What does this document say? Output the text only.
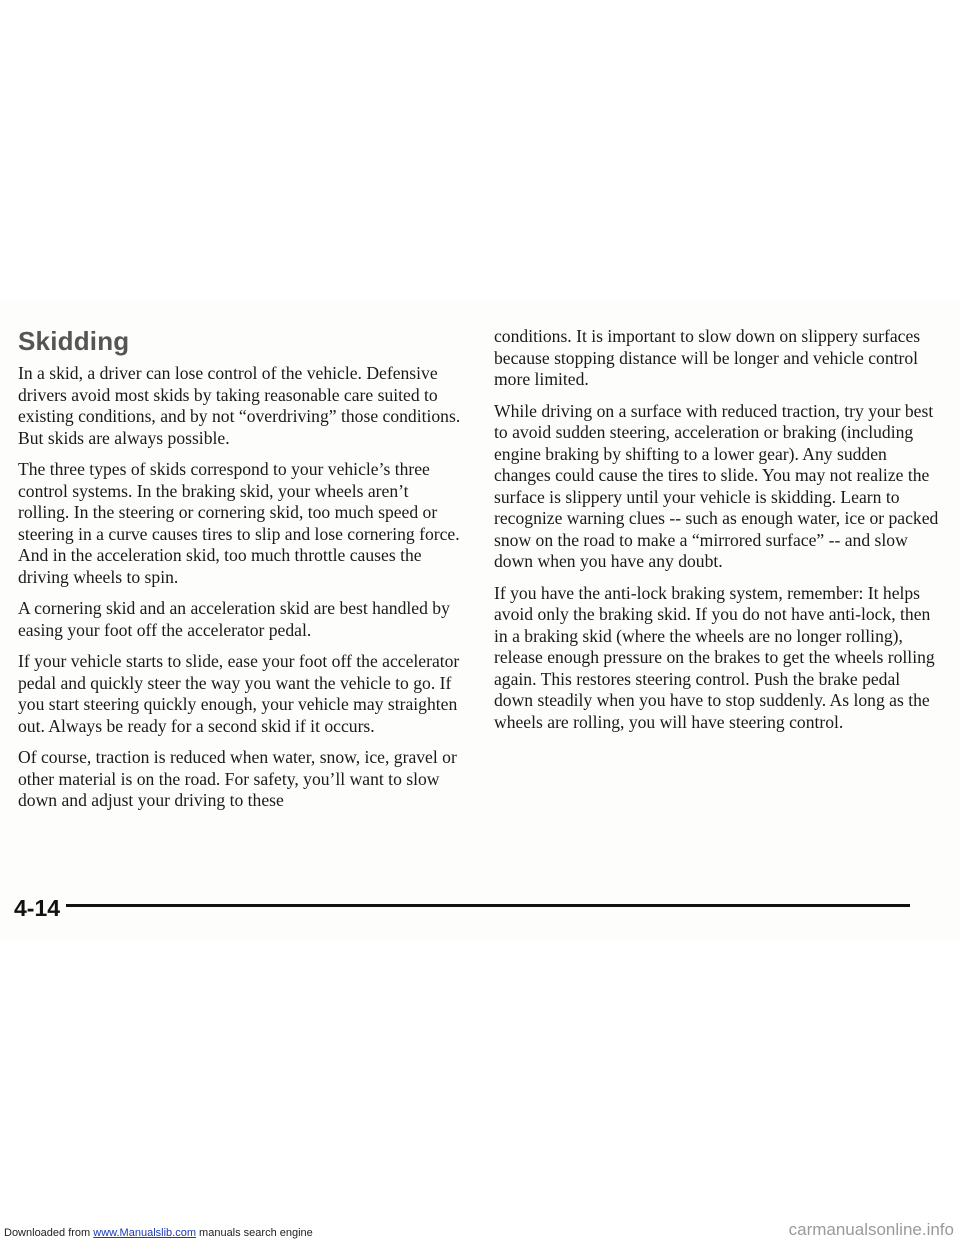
Skidding

In a skid, a driver can lose control of the vehicle. Defensive drivers avoid most skids by taking reasonable care suited to existing conditions, and by not “overdriving” those conditions. But skids are always possible.

The three types of skids correspond to your vehicle’s three control systems. In the braking skid, your wheels aren’t rolling. In the steering or cornering skid, too much speed or steering in a curve causes tires to slip and lose cornering force. And in the acceleration skid, too much throttle causes the driving wheels to spin.

A cornering skid and an acceleration skid are best handled by easing your foot off the accelerator pedal.

If your vehicle starts to slide, ease your foot off the accelerator pedal and quickly steer the way you want the vehicle to go. If you start steering quickly enough, your vehicle may straighten out. Always be ready for a second skid if it occurs.

Of course, traction is reduced when water, snow, ice, gravel or other material is on the road. For safety, you’ll want to slow down and adjust your driving to these

conditions. It is important to slow down on slippery surfaces because stopping distance will be longer and vehicle control more limited.

While driving on a surface with reduced traction, try your best to avoid sudden steering, acceleration or braking (including engine braking by shifting to a lower gear). Any sudden changes could cause the tires to slide. You may not realize the surface is slippery until your vehicle is skidding. Learn to recognize warning clues -- such as enough water, ice or packed snow on the road to make a “mirrored surface” -- and slow down when you have any doubt.

If you have the anti-lock braking system, remember: It helps avoid only the braking skid. If you do not have anti-lock, then in a braking skid (where the wheels are no longer rolling), release enough pressure on the brakes to get the wheels rolling again. This restores steering control. Push the brake pedal down steadily when you have to stop suddenly. As long as the wheels are rolling, you will have steering control.

4-14
Downloaded from www.Manualslib.com manuals search engine	carmanualsonline.info
